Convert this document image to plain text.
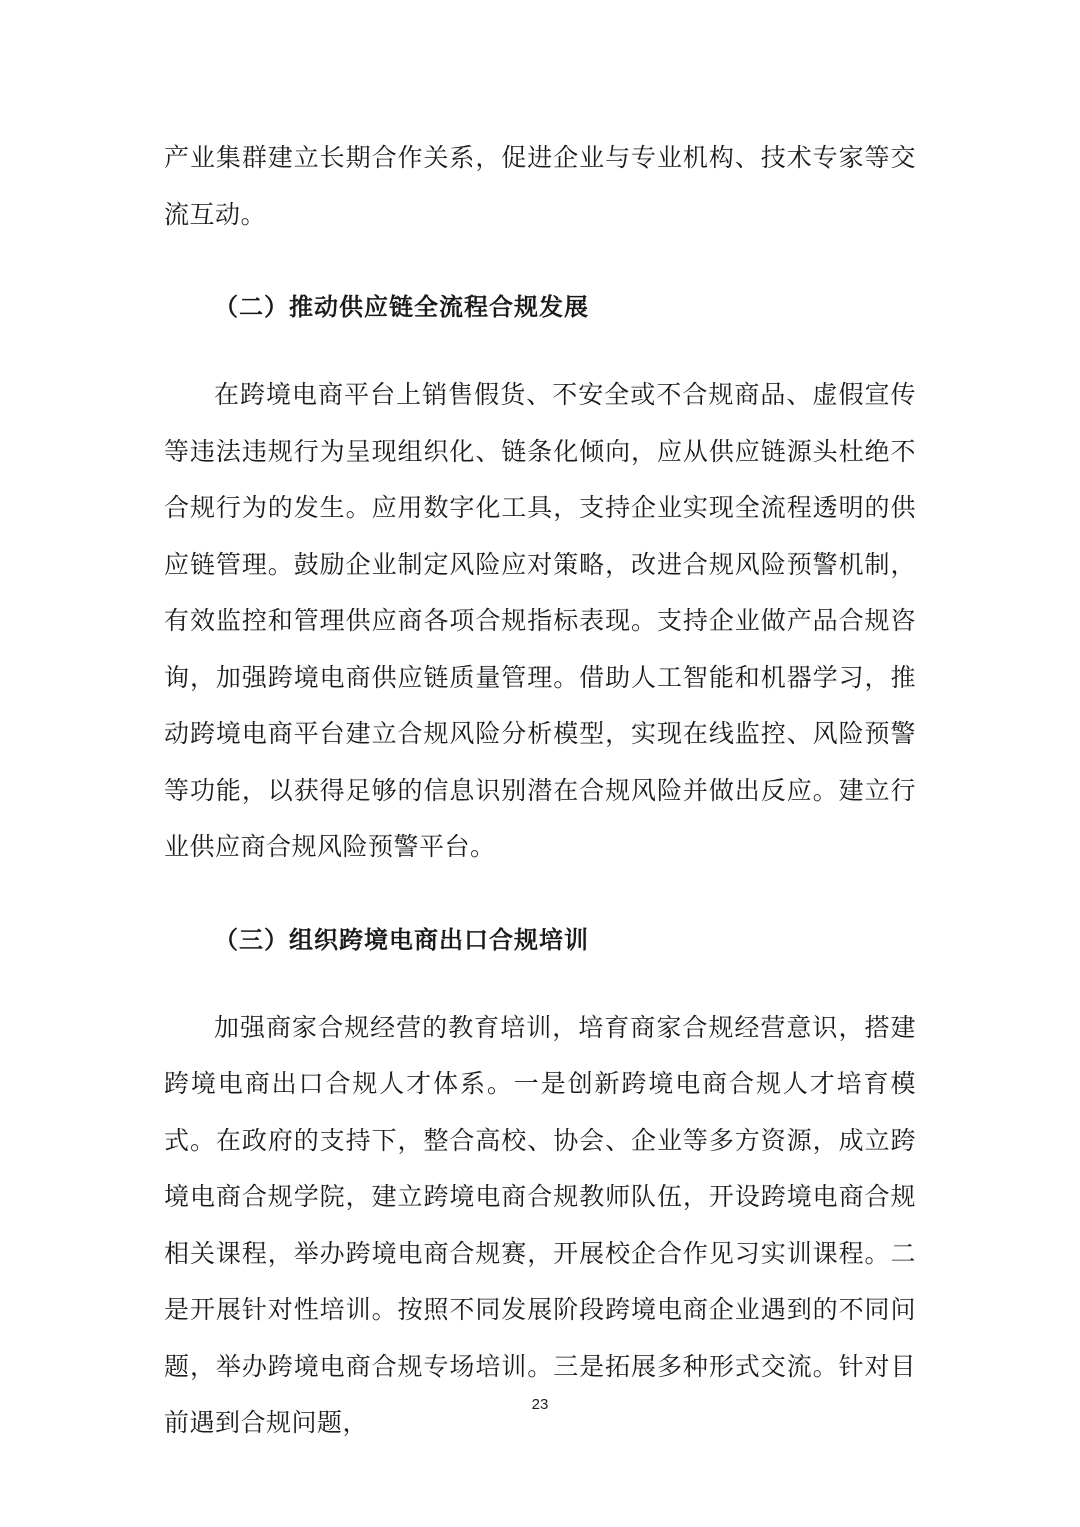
产业集群建立长期合作关系，促进企业与专业机构、技术专家等交流互动。

（二）推动供应链全流程合规发展

在跨境电商平台上销售假货、不安全或不合规商品、虚假宣传等违法违规行为呈现组织化、链条化倾向，应从供应链源头杜绝不合规行为的发生。应用数字化工具，支持企业实现全流程透明的供应链管理。鼓励企业制定风险应对策略，改进合规风险预警机制，有效监控和管理供应商各项合规指标表现。支持企业做产品合规咨询，加强跨境电商供应链质量管理。借助人工智能和机器学习，推动跨境电商平台建立合规风险分析模型，实现在线监控、风险预警等功能，以获得足够的信息识别潜在合规风险并做出反应。建立行业供应商合规风险预警平台。

（三）组织跨境电商出口合规培训

加强商家合规经营的教育培训，培育商家合规经营意识，搭建跨境电商出口合规人才体系。一是创新跨境电商合规人才培育模式。在政府的支持下，整合高校、协会、企业等多方资源，成立跨境电商合规学院，建立跨境电商合规教师队伍，开设跨境电商合规相关课程，举办跨境电商合规赛，开展校企合作见习实训课程。二是开展针对性培训。按照不同发展阶段跨境电商企业遇到的不同问题，举办跨境电商合规专场培训。三是拓展多种形式交流。针对目前遇到合规问题，

23
